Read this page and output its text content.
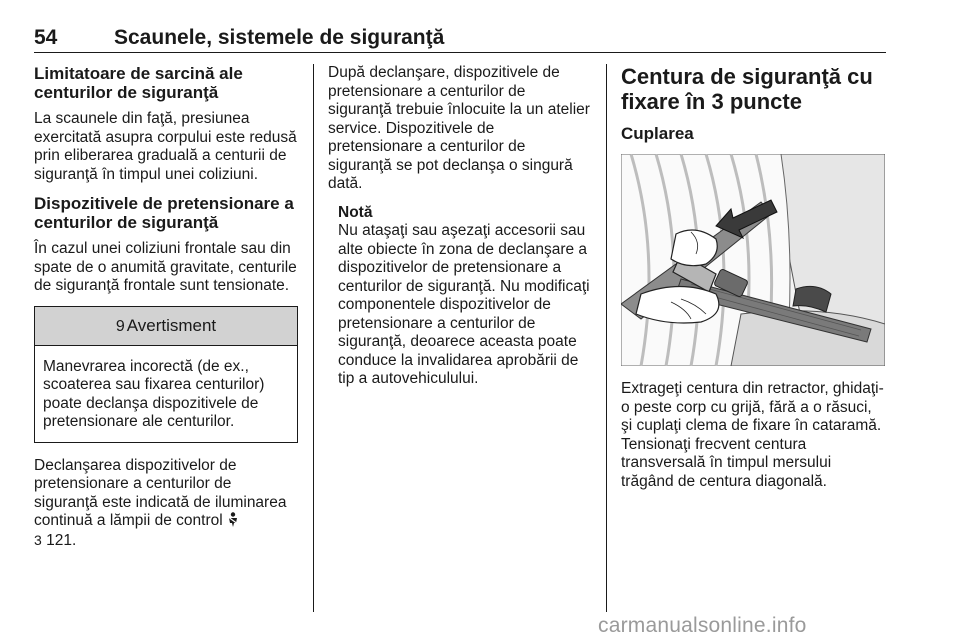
54	Scaunele, sistemele de siguranţă
Limitatoare de sarcină ale centurilor de siguranţă
La scaunele din faţă, presiunea exercitată asupra corpului este redusă prin eliberarea graduală a centurii de siguranţă în timpul unei coliziuni.
Dispozitivele de pretensionare a centurilor de siguranţă
În cazul unei coliziuni frontale sau din spate de o anumită gravitate, centurile de siguranţă frontale sunt tensionate.
9 Avertisment
Manevrarea incorectă (de ex., scoaterea sau fixarea centurilor) poate declanşa dispozitivele de pretensionare ale centurilor.
Declanşarea dispozitivelor de pretensionare a centurilor de siguranţă este indicată de iluminarea continuă a lămpii de control
3 121.
După declanşare, dispozitivele de pretensionare a centurilor de siguranţă trebuie înlocuite la un atelier service. Dispozitivele de pretensionare a centurilor de siguranţă se pot declanşa o singură dată.
Notă
Nu ataşaţi sau aşezaţi accesorii sau alte obiecte în zona de declanşare a dispozitivelor de pretensionare a centurilor de siguranţă. Nu modificaţi componentele dispozitivelor de pretensionare a centurilor de siguranţă, deoarece aceasta poate conduce la invalidarea aprobării de tip a autovehiculului.
Centura de siguranţă cu fixare în 3 puncte
Cuplarea
Extrageţi centura din retractor, ghidaţi-o peste corp cu grijă, fără a o răsuci, şi cuplaţi clema de fixare în cataramă. Tensionaţi frecvent centura transversală în timpul mersului trăgând de centura diagonală.
carmanualsonline.info
